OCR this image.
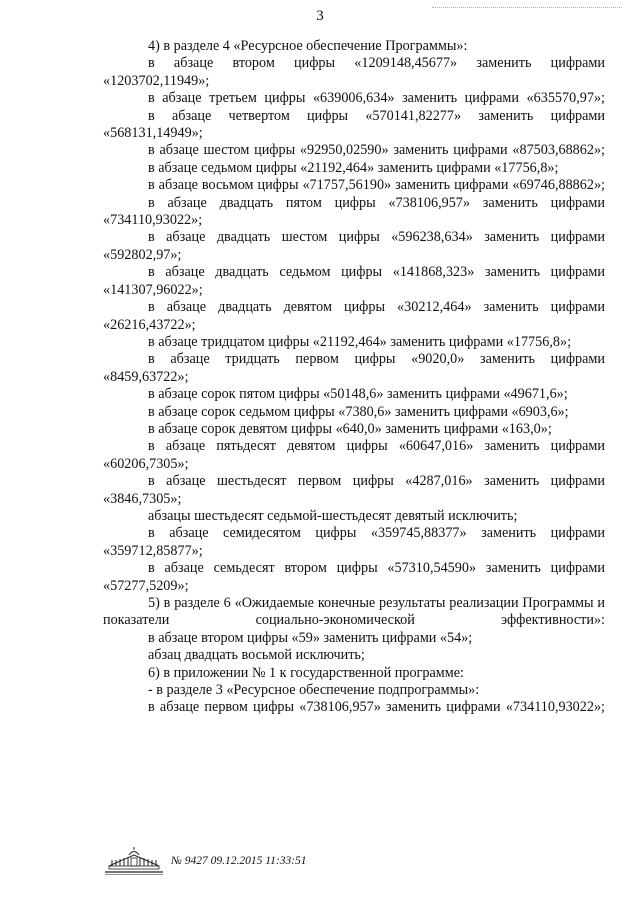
3

4) в разделе 4 «Ресурсное обеспечение Программы»:

в абзаце втором цифры «1209148,45677» заменить цифрами «1203702,11949»;

в абзаце третьем цифры «639006,634» заменить цифрами «635570,97»;

в абзаце четвертом цифры «570141,82277» заменить цифрами «568131,14949»;

в абзаце шестом цифры «92950,02590» заменить цифрами «87503,68862»;

в абзаце седьмом цифры «21192,464» заменить цифрами «17756,8»;

в абзаце восьмом цифры «71757,56190» заменить цифрами «69746,88862»;

в абзаце двадцать пятом цифры «738106,957» заменить цифрами «734110,93022»;

в абзаце двадцать шестом цифры «596238,634» заменить цифрами «592802,97»;

в абзаце двадцать седьмом цифры «141868,323» заменить цифрами «141307,96022»;

в абзаце двадцать девятом цифры «30212,464» заменить цифрами «26216,43722»;

в абзаце тридцатом цифры «21192,464» заменить цифрами «17756,8»;

в абзаце тридцать первом цифры «9020,0» заменить цифрами «8459,63722»;

в абзаце сорок пятом цифры «50148,6» заменить цифрами «49671,6»;

в абзаце сорок седьмом цифры «7380,6» заменить цифрами «6903,6»;

в абзаце сорок девятом цифры «640,0» заменить цифрами «163,0»;

в абзаце пятьдесят девятом цифры «60647,016» заменить цифрами «60206,7305»;

в абзаце шестьдесят первом цифры «4287,016» заменить цифрами «3846,7305»;

абзацы шестьдесят седьмой-шестьдесят девятый исключить;

в абзаце семидесятом цифры «359745,88377» заменить цифрами «359712,85877»;

в абзаце семьдесят втором цифры «57310,54590» заменить цифрами «57277,5209»;

5) в разделе 6 «Ожидаемые конечные результаты реализации Программы и показатели социально-экономической эффективности»:

в абзаце втором цифры «59» заменить цифрами «54»;

абзац двадцать восьмой исключить;

6) в приложении № 1 к государственной программе:

- в разделе 3 «Ресурсное обеспечение подпрограммы»:

в абзаце первом цифры «738106,957» заменить цифрами «734110,93022»;

№ 9427 09.12.2015 11:33:51
